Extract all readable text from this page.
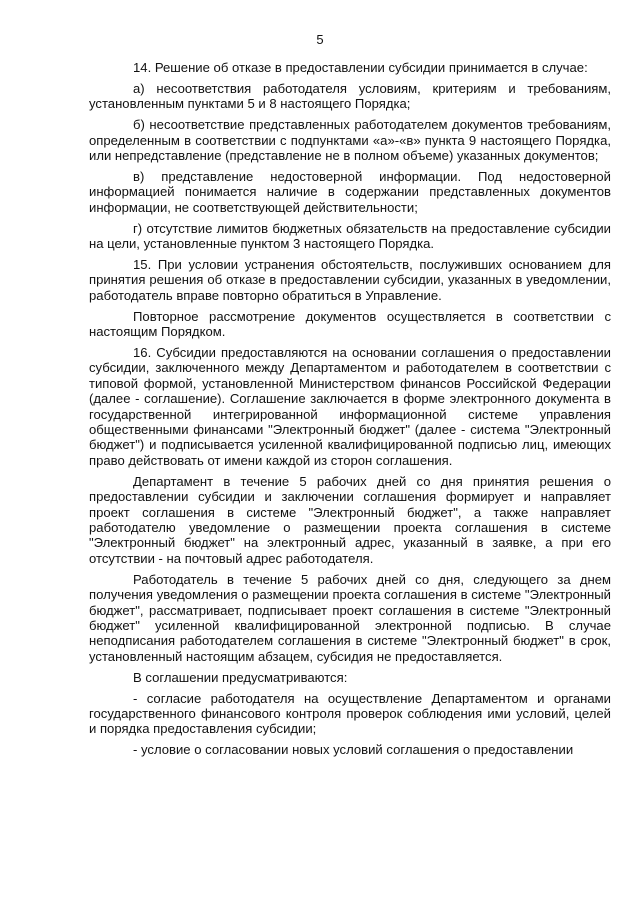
5

14. Решение об отказе в предоставлении субсидии принимается в случае:

а) несоответствия работодателя условиям, критериям и требованиям, установленным пунктами 5 и 8 настоящего Порядка;

б) несоответствие представленных работодателем документов требованиям, определенным в соответствии с подпунктами «а»-«в» пункта 9 настоящего Порядка, или непредставление (представление не в полном объеме) указанных документов;

в) представление недостоверной информации. Под недостоверной информацией понимается наличие в содержании представленных документов информации, не соответствующей действительности;

г) отсутствие лимитов бюджетных обязательств на предоставление субсидии на цели, установленные пунктом 3 настоящего Порядка.

15. При условии устранения обстоятельств, послуживших основанием для принятия решения об отказе в предоставлении субсидии, указанных в уведомлении, работодатель вправе повторно обратиться в Управление.

Повторное рассмотрение документов осуществляется в соответствии с настоящим Порядком.

16. Субсидии предоставляются на основании соглашения о предоставлении субсидии, заключенного между Департаментом и работодателем в соответствии с типовой формой, установленной Министерством финансов Российской Федерации (далее - соглашение). Соглашение заключается в форме электронного документа в государственной интегрированной информационной системе управления общественными финансами "Электронный бюджет" (далее - система "Электронный бюджет") и подписывается усиленной квалифицированной подписью лиц, имеющих право действовать от имени каждой из сторон соглашения.

Департамент в течение 5 рабочих дней со дня принятия решения о предоставлении субсидии и заключении соглашения формирует и направляет проект соглашения в системе "Электронный бюджет", а также направляет работодателю уведомление о размещении проекта соглашения в системе "Электронный бюджет" на электронный адрес, указанный в заявке, а при его отсутствии - на почтовый адрес работодателя.

Работодатель в течение 5 рабочих дней со дня, следующего за днем получения уведомления о размещении проекта соглашения в системе "Электронный бюджет", рассматривает, подписывает проект соглашения в системе "Электронный бюджет" усиленной квалифицированной электронной подписью. В случае неподписания работодателем соглашения в системе "Электронный бюджет" в срок, установленный настоящим абзацем, субсидия не предоставляется.

В соглашении предусматриваются:

- согласие работодателя на осуществление Департаментом и органами государственного финансового контроля проверок соблюдения ими условий, целей и порядка предоставления субсидии;

- условие о согласовании новых условий соглашения о предоставлении
